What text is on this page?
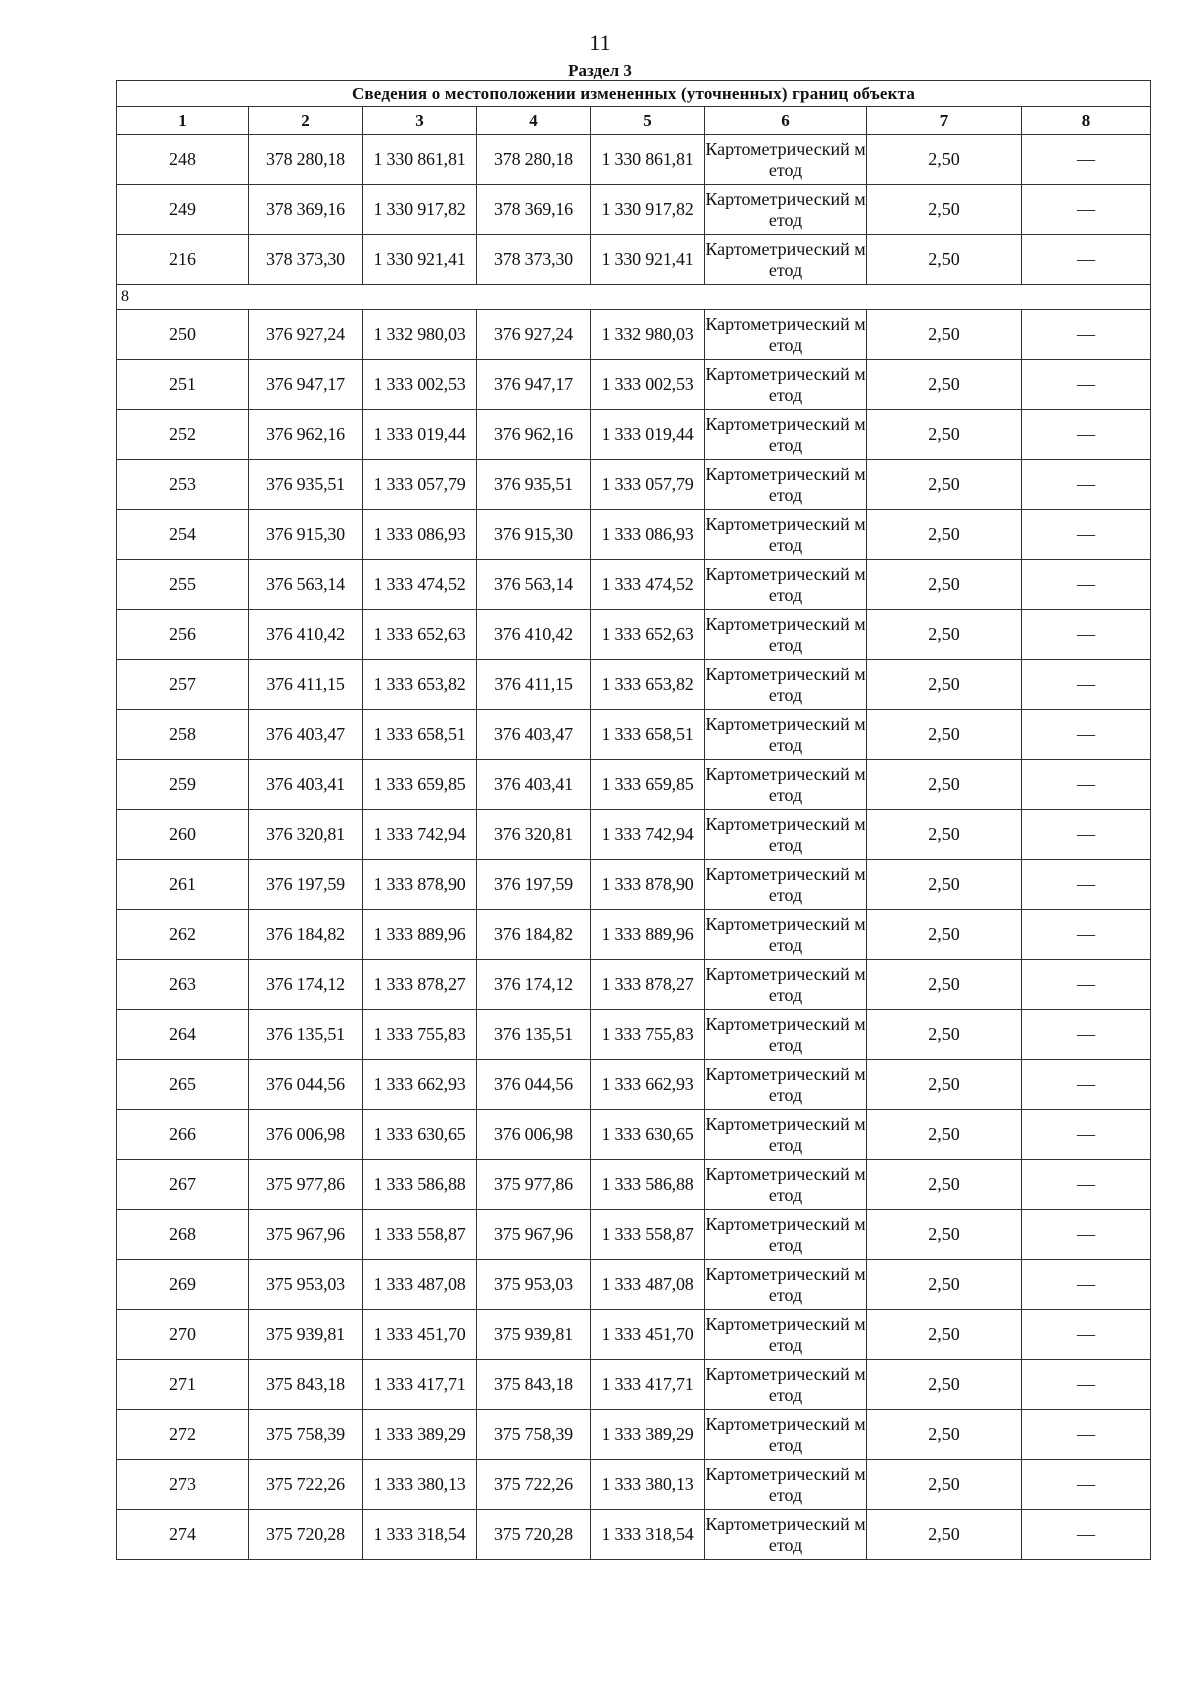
11
Раздел 3
Сведения о местоположении измененных (уточненных) границ объекта							
1	2	3	4	5	6	7	8
248	378 280,18	1 330 861,81	378 280,18	1 330 861,81	Картометрический метод	2,50	—
249	378 369,16	1 330 917,82	378 369,16	1 330 917,82	Картометрический метод	2,50	—
216	378 373,30	1 330 921,41	378 373,30	1 330 921,41	Картометрический метод	2,50	—
8							
250	376 927,24	1 332 980,03	376 927,24	1 332 980,03	Картометрический метод	2,50	—
251	376 947,17	1 333 002,53	376 947,17	1 333 002,53	Картометрический метод	2,50	—
252	376 962,16	1 333 019,44	376 962,16	1 333 019,44	Картометрический метод	2,50	—
253	376 935,51	1 333 057,79	376 935,51	1 333 057,79	Картометрический метод	2,50	—
254	376 915,30	1 333 086,93	376 915,30	1 333 086,93	Картометрический метод	2,50	—
255	376 563,14	1 333 474,52	376 563,14	1 333 474,52	Картометрический метод	2,50	—
256	376 410,42	1 333 652,63	376 410,42	1 333 652,63	Картометрический метод	2,50	—
257	376 411,15	1 333 653,82	376 411,15	1 333 653,82	Картометрический метод	2,50	—
258	376 403,47	1 333 658,51	376 403,47	1 333 658,51	Картометрический метод	2,50	—
259	376 403,41	1 333 659,85	376 403,41	1 333 659,85	Картометрический метод	2,50	—
260	376 320,81	1 333 742,94	376 320,81	1 333 742,94	Картометрический метод	2,50	—
261	376 197,59	1 333 878,90	376 197,59	1 333 878,90	Картометрический метод	2,50	—
262	376 184,82	1 333 889,96	376 184,82	1 333 889,96	Картометрический метод	2,50	—
263	376 174,12	1 333 878,27	376 174,12	1 333 878,27	Картометрический метод	2,50	—
264	376 135,51	1 333 755,83	376 135,51	1 333 755,83	Картометрический метод	2,50	—
265	376 044,56	1 333 662,93	376 044,56	1 333 662,93	Картометрический метод	2,50	—
266	376 006,98	1 333 630,65	376 006,98	1 333 630,65	Картометрический метод	2,50	—
267	375 977,86	1 333 586,88	375 977,86	1 333 586,88	Картометрический метод	2,50	—
268	375 967,96	1 333 558,87	375 967,96	1 333 558,87	Картометрический метод	2,50	—
269	375 953,03	1 333 487,08	375 953,03	1 333 487,08	Картометрический метод	2,50	—
270	375 939,81	1 333 451,70	375 939,81	1 333 451,70	Картометрический метод	2,50	—
271	375 843,18	1 333 417,71	375 843,18	1 333 417,71	Картометрический метод	2,50	—
272	375 758,39	1 333 389,29	375 758,39	1 333 389,29	Картометрический метод	2,50	—
273	375 722,26	1 333 380,13	375 722,26	1 333 380,13	Картометрический метод	2,50	—
274	375 720,28	1 333 318,54	375 720,28	1 333 318,54	Картометрический метод	2,50	—
